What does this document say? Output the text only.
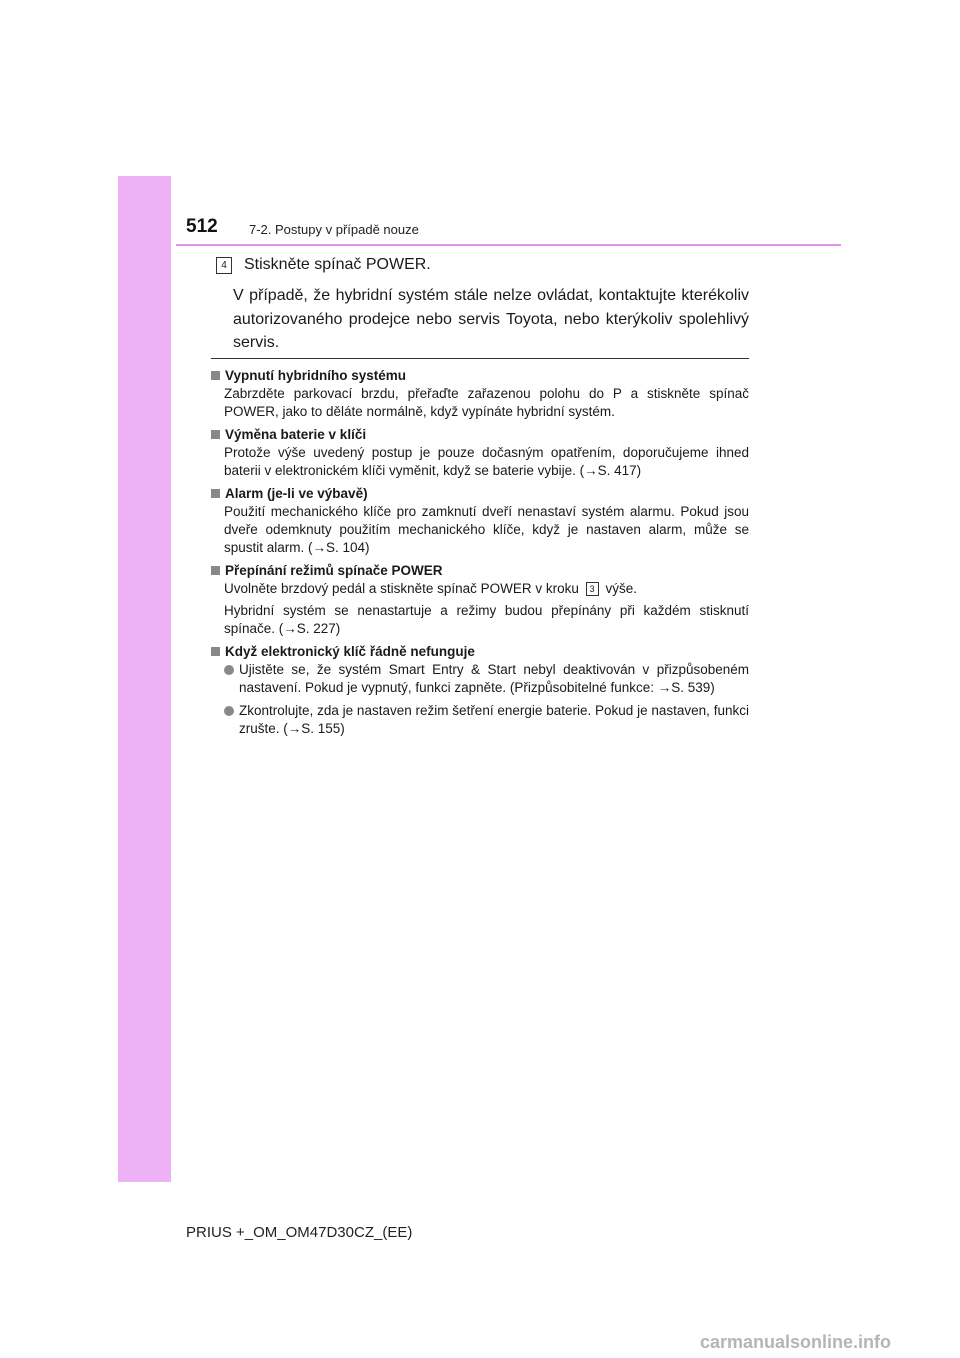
512 7-2. Postupy v případě nouze
4	Stiskněte spínač POWER.

V případě, že hybridní systém stále nelze ovládat, kontaktujte kterékoliv autorizovaného prodejce nebo servis Toyota, nebo kterýkoliv spolehlivý servis.

Vypnutí hybridního systému

Zabrzděte parkovací brzdu, přeřaďte zařazenou polohu do P a stiskněte spínač POWER, jako to děláte normálně, když vypínáte hybridní systém.

Výměna baterie v klíči

Protože výše uvedený postup je pouze dočasným opatřením, doporučujeme ihned baterii v elektronickém klíči vyměnit, když se baterie vybije. (→S. 417)

Alarm (je-li ve výbavě)

Použití mechanického klíče pro zamknutí dveří nenastaví systém alarmu. Pokud jsou dveře odemknuty použitím mechanického klíče, když je nastaven alarm, může se spustit alarm. (→S. 104)

Přepínání režimů spínače POWER

Uvolněte brzdový pedál a stiskněte spínač POWER v kroku 3 výše.

Hybridní systém se nenastartuje a režimy budou přepínány při každém stisknutí spínače. (→S. 227)

Když elektronický klíč řádně nefunguje
Ujistěte se, že systém Smart Entry & Start nebyl deaktivován v přizpůsobeném nastavení. Pokud je vypnutý, funkci zapněte. (Přizpůsobitelné funkce: →S. 539)
Zkontrolujte, zda je nastaven režim šetření energie baterie. Pokud je nastaven, funkci zrušte. (→S. 155)
PRIUS +_OM_OM47D30CZ_(EE)
carmanualsonline.info
